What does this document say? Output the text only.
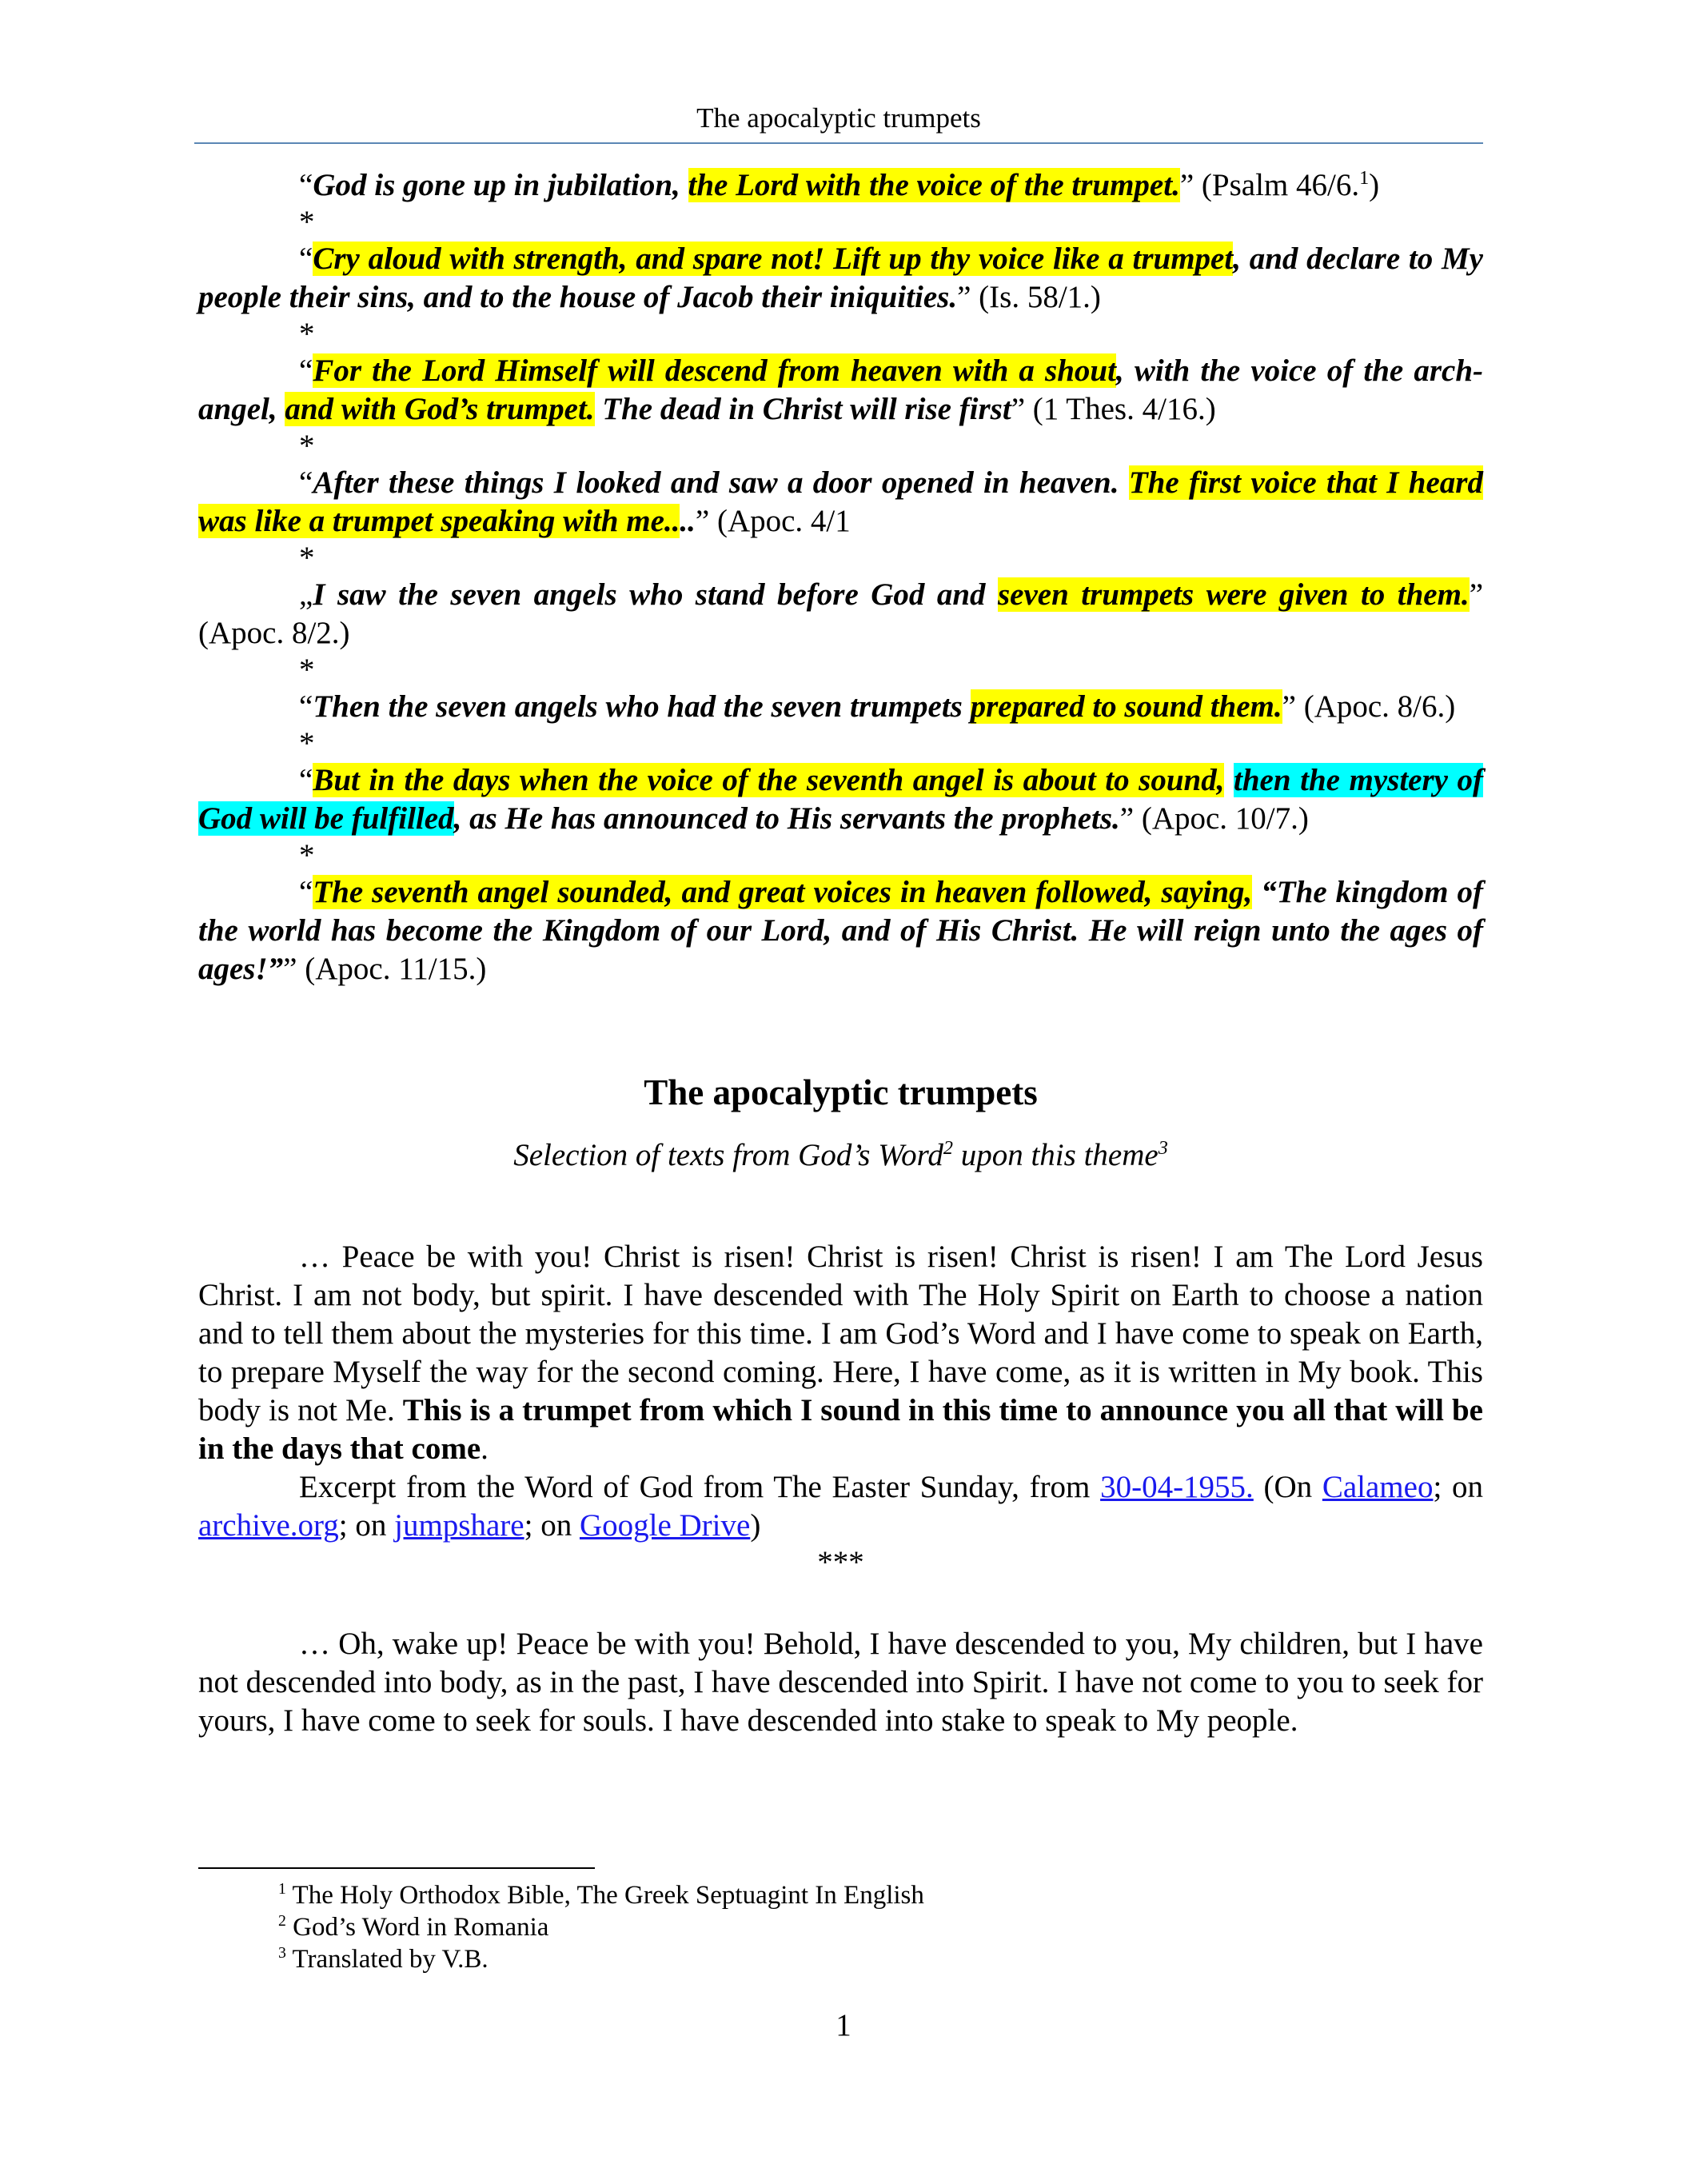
The apocalyptic trumpets

“God is gone up in jubilation, the Lord with the voice of the trumpet.” (Psalm 46/6.$^1$)

*

“Cry aloud with strength, and spare not! Lift up thy voice like a trumpet, and declare to My people their sins, and to the house of Jacob their iniquities.” (Is. 58/1.)

*

“For the Lord Himself will descend from heaven with a shout, with the voice of the arch-angel, and with God’s trumpet. The dead in Christ will rise first” (1 Thes. 4/16.)

*

“After these things I looked and saw a door opened in heaven. The first voice that I heard was like a trumpet speaking with me....” (Apoc. 4/1

*

„I saw the seven angels who stand before God and seven trumpets were given to them.” (Apoc. 8/2.)

*

“Then the seven angels who had the seven trumpets prepared to sound them.” (Apoc. 8/6.)

*

“But in the days when the voice of the seventh angel is about to sound, then the mystery of God will be fulfilled, as He has announced to His servants the prophets.” (Apoc. 10/7.)

*

“The seventh angel sounded, and great voices in heaven followed, saying, “The kingdom of the world has become the Kingdom of our Lord, and of His Christ. He will reign unto the ages of ages!”” (Apoc. 11/15.)

The apocalyptic trumpets
Selection of texts from God’s Word$^2$ upon this theme$^3$

… Peace be with you! Christ is risen! Christ is risen! Christ is risen! I am The Lord Jesus Christ. I am not body, but spirit. I have descended with The Holy Spirit on Earth to choose a nation and to tell them about the mysteries for this time. I am God’s Word and I have come to speak on Earth, to prepare Myself the way for the second coming. Here, I have come, as it is written in My book. This body is not Me. This is a trumpet from which I sound in this time to announce you all that will be in the days that come.

Excerpt from the Word of God from The Easter Sunday, from 30-04-1955. (On Calameo; on archive.org; on jumpshare; on Google Drive)

***

… Oh, wake up! Peace be with you! Behold, I have descended to you, My children, but I have not descended into body, as in the past, I have descended into Spirit. I have not come to you to seek for yours, I have come to seek for souls. I have descended into stake to speak to My people.

$^1$ The Holy Orthodox Bible, The Greek Septuagint In English
$^2$ God’s Word in Romania
$^3$ Translated by V.B.
1
